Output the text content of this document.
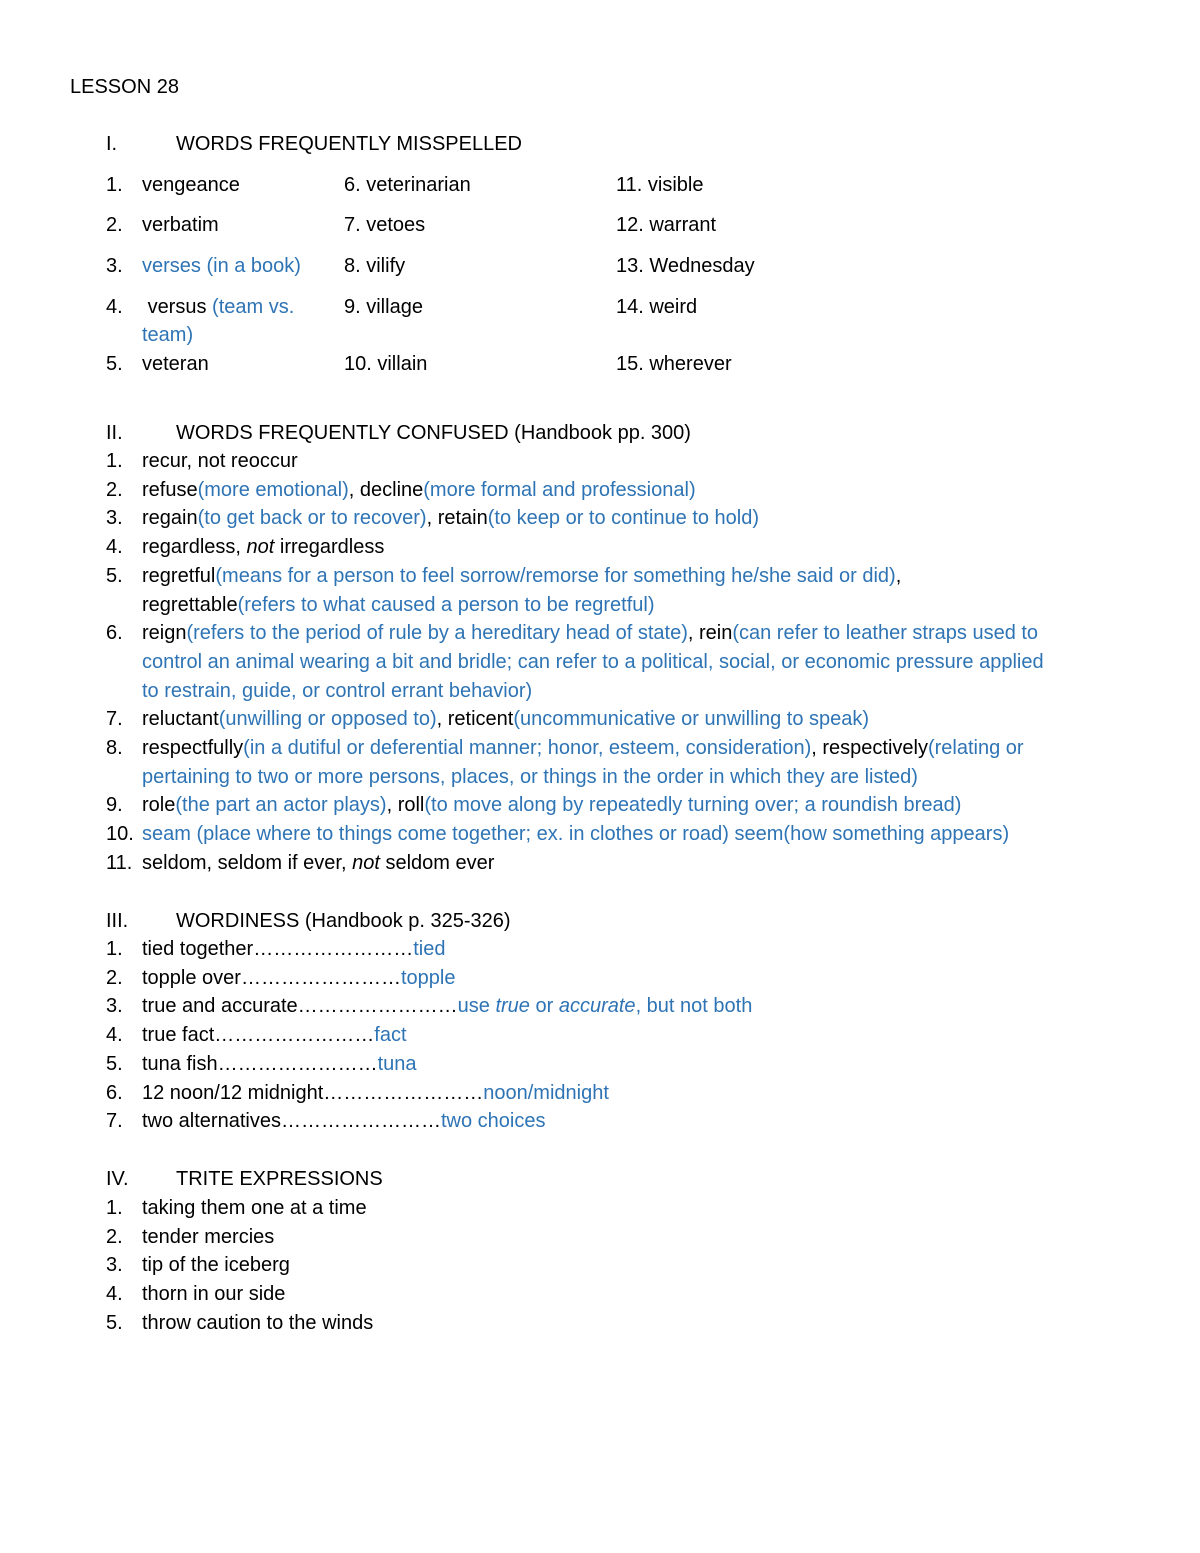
LESSON 28
I.	WORDS FREQUENTLY MISSPELLED
1. vengeance
2. verbatim
3. verses (in a book)
4. versus (team vs. team)
5. veteran
6. veterinarian
7. vetoes
8. vilify
9. village
10. villain
11. visible
12. warrant
13. Wednesday
14. weird
15. wherever
II.	WORDS FREQUENTLY CONFUSED (Handbook pp. 300)
1. recur, not reoccur
2. refuse(more emotional), decline(more formal and professional)
3. regain(to get back or to recover), retain(to keep or to continue to hold)
4. regardless, not irregardless
5. regretful(means for a person to feel sorrow/remorse for something he/she said or did),
regrettable(refers to what caused a person to be regretful)
6. reign(refers to the period of rule by a hereditary head of state), rein(can refer to leather straps used to
control an animal wearing a bit and bridle; can refer to a political, social, or economic pressure applied
to restrain, guide, or control errant behavior)
7. reluctant(unwilling or opposed to), reticent(uncommunicative or unwilling to speak)
8. respectfully(in a dutiful or deferential manner; honor, esteem, consideration), respectively(relating or
pertaining to two or more persons, places, or things in the order in which they are listed)
9. role(the part an actor plays), roll(to move along by repeatedly turning over; a roundish bread)
10. seam (place where to things come together; ex. in clothes or road) seem(how something appears)
11. seldom, seldom if ever, not seldom ever
III. WORDINESS (Handbook p. 325-326)
1. tied together……………………tied
2. topple over……………………topple
3. true and accurate……………………use true or accurate, but not both
4. true fact……………………fact
5. tuna fish……………………tuna
6. 12 noon/12 midnight……………………noon/midnight
7. two alternatives……………………two choices
IV. TRITE EXPRESSIONS
1. taking them one at a time
2. tender mercies
3. tip of the iceberg
4. thorn in our side
5. throw caution to the winds
